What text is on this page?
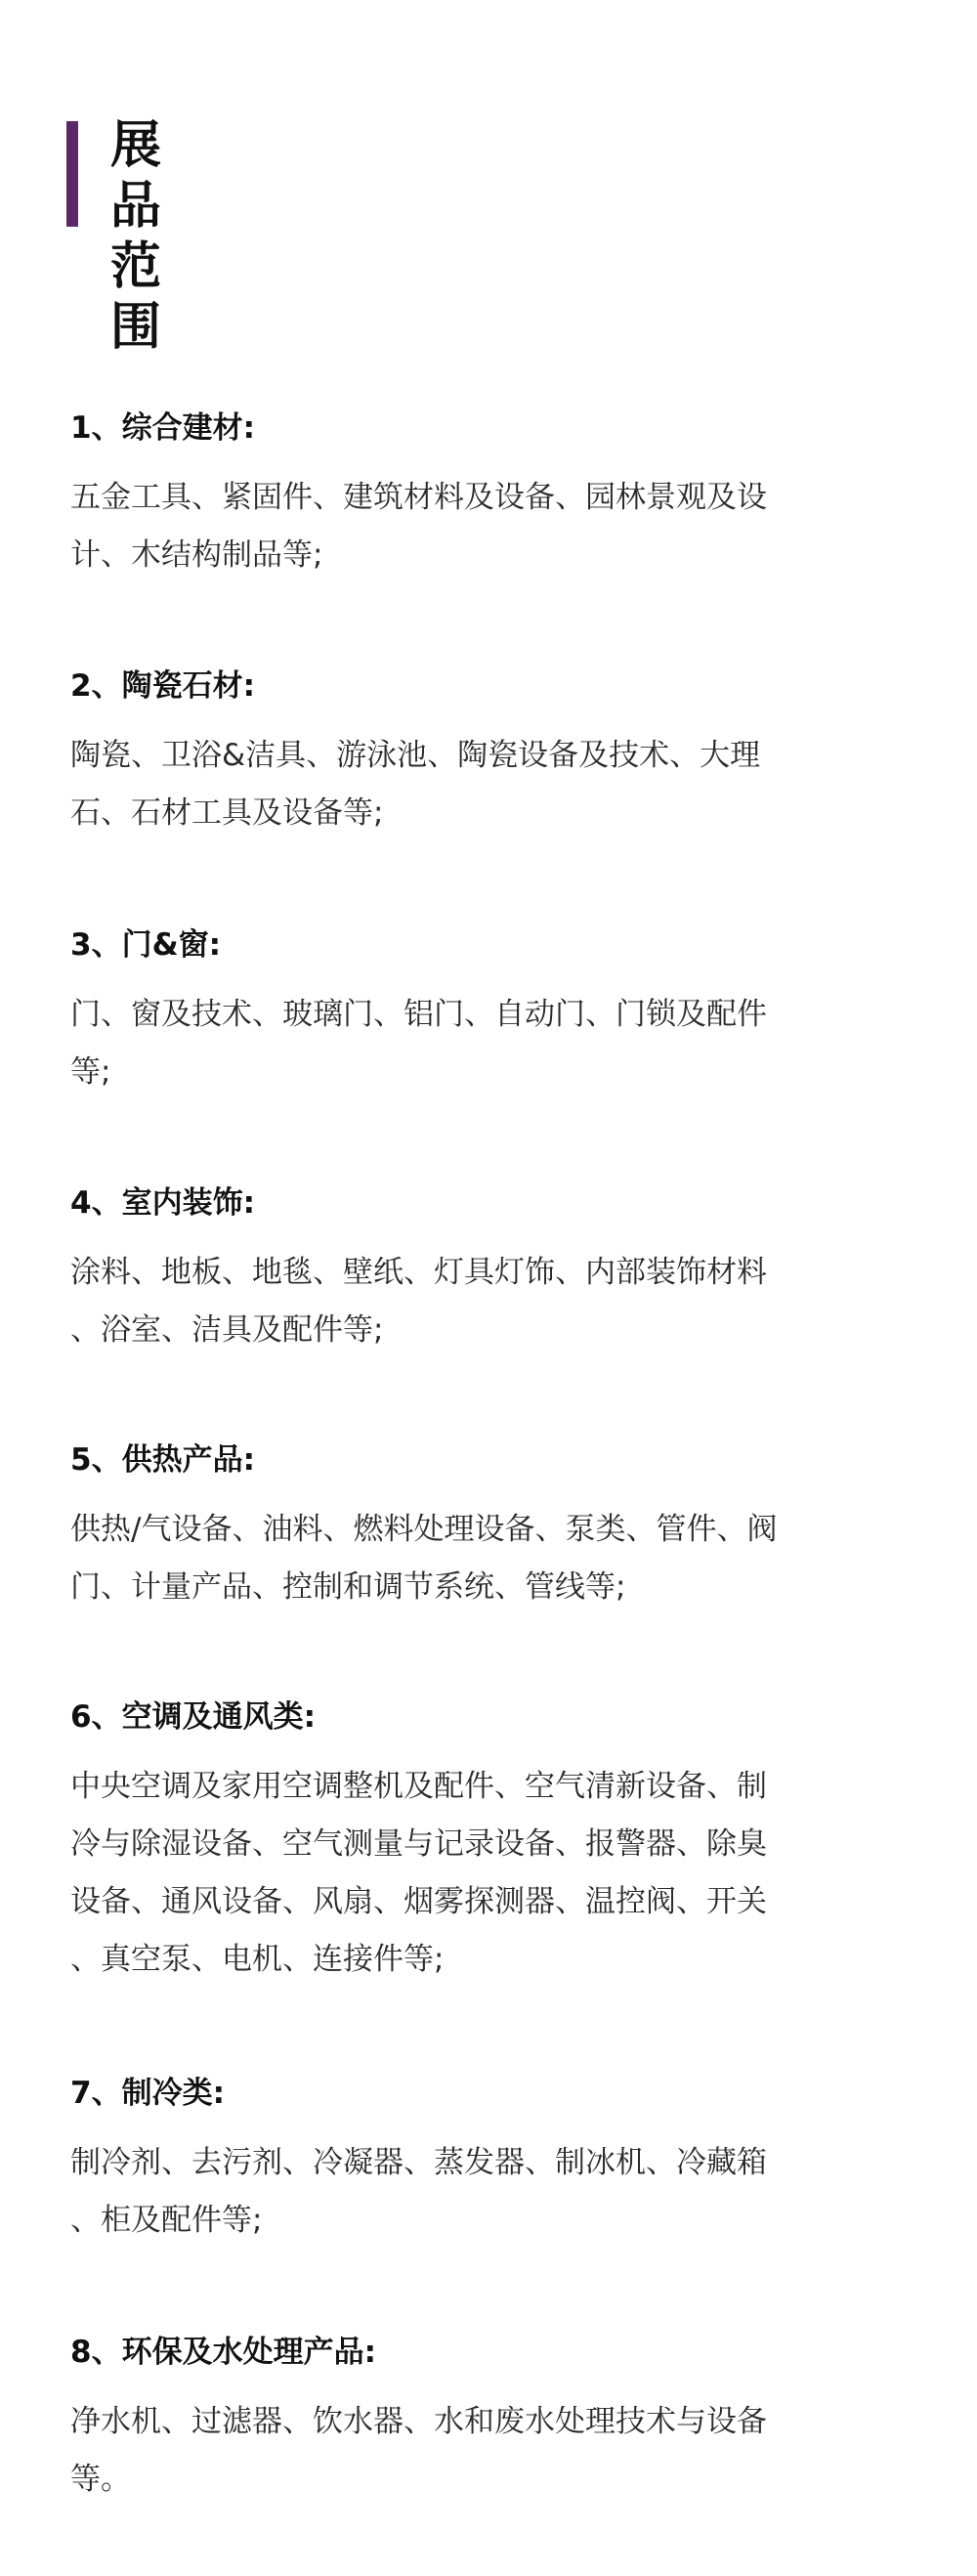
展品
范围

1、综合建材:

五金工具、紧固件、建筑材料及设备、园林景观及设
计、木结构制品等;

2、陶瓷石材:

陶瓷、卫浴&洁具、游泳池、陶瓷设备及技术、大理
石、石材工具及设备等;

3、门&窗:

门、窗及技术、玻璃门、铝门、自动门、门锁及配件
等;

4、室内装饰:

涂料、地板、地毯、壁纸、灯具灯饰、内部装饰材料
、浴室、洁具及配件等;

5、供热产品:

供热/气设备、油料、燃料处理设备、泵类、管件、阀
门、计量产品、控制和调节系统、管线等;

6、空调及通风类:

中央空调及家用空调整机及配件、空气清新设备、制
冷与除湿设备、空气测量与记录设备、报警器、除臭
设备、通风设备、风扇、烟雾探测器、温控阀、开关
、真空泵、电机、连接件等;

7、制冷类:

制冷剂、去污剂、冷凝器、蒸发器、制冰机、冷藏箱
、柜及配件等;

8、环保及水处理产品:

净水机、过滤器、饮水器、水和废水处理技术与设备
等。
